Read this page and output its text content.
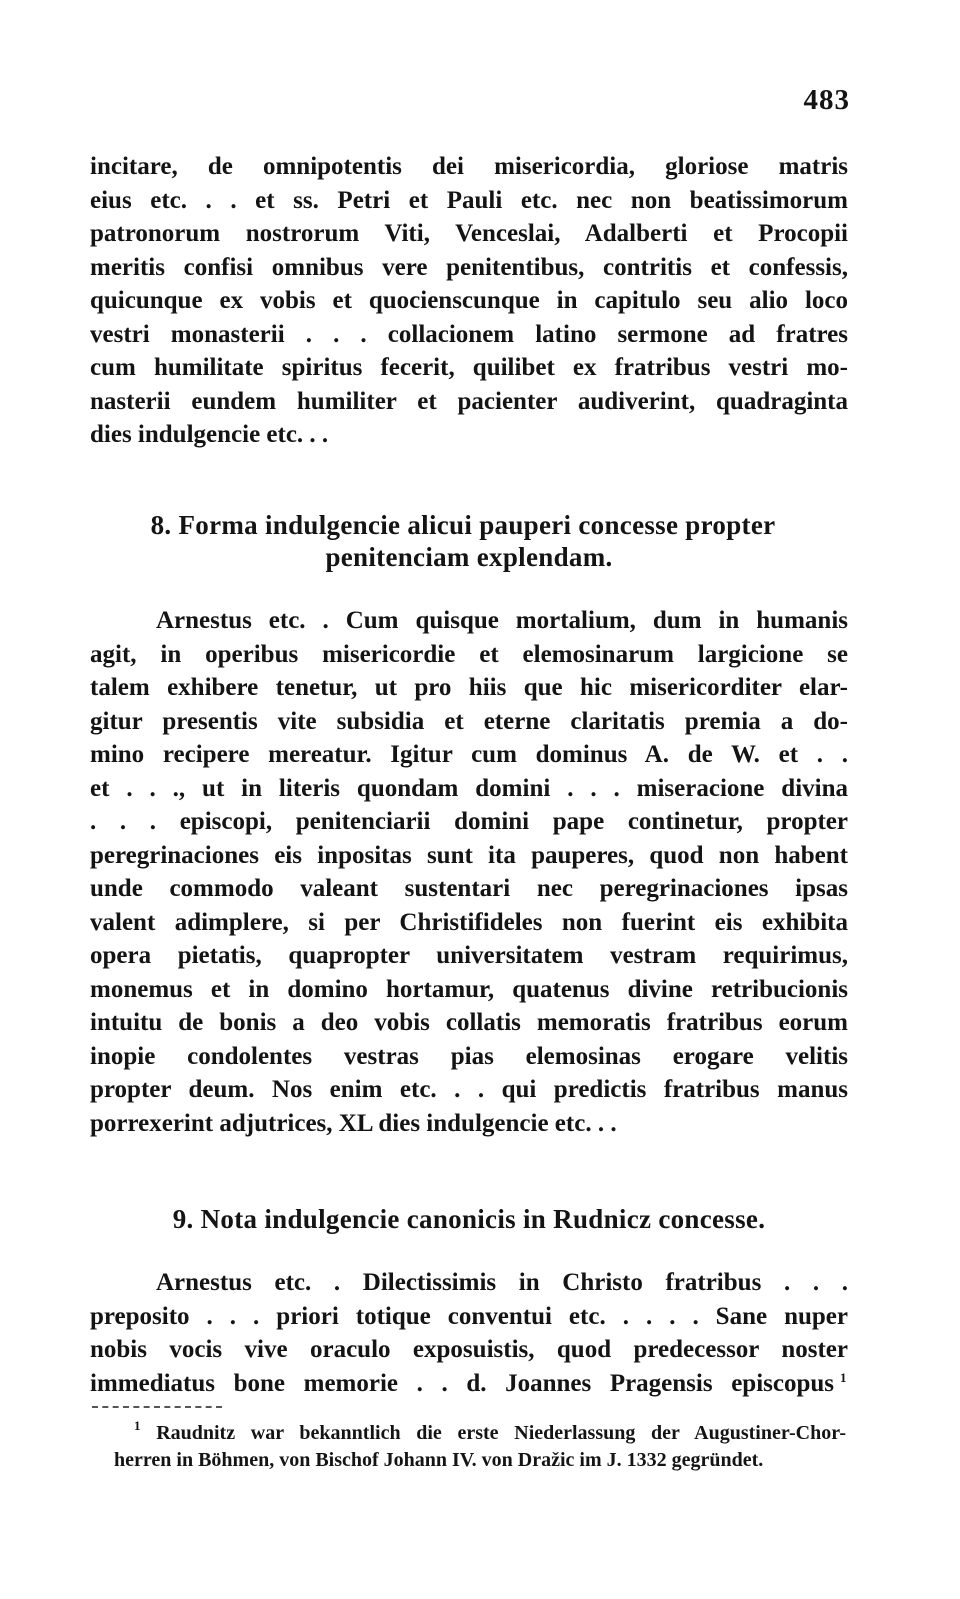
483
incitare, de omnipotentis dei misericordia, gloriose matris
eius etc. . . et ss. Petri et Pauli etc. nec non beatissimorum
patronorum nostrorum Viti, Venceslai, Adalberti et Procopii
meritis confisi omnibus vere penitentibus, contritis et confessis,
quicunque ex vobis et quocienscunque in capitulo seu alio loco
vestri monasterii . . . collacionem latino sermone ad fratres
cum humilitate spiritus fecerit, quilibet ex fratribus vestri mo-
nasterii eundem humiliter et pacienter audiverint, quadraginta
dies indulgencie etc. . .
8. Forma indulgencie alicui pauperi concesse propter
penitenciam explendam.
Arnestus etc. . Cum quisque mortalium, dum in humanis
agit, in operibus misericordie et elemosinarum largicione se
talem exhibere tenetur, ut pro hiis que hic misericorditer elar-
gitur presentis vite subsidia et eterne claritatis premia a do-
mino recipere mereatur. Igitur cum dominus A. de W. et . .
et . . ., ut in literis quondam domini . . . miseracione divina
. . . episcopi, penitenciarii domini pape continetur, propter
peregrinaciones eis inpositas sunt ita pauperes, quod non habent
unde commodo valeant sustentari nec peregrinaciones ipsas
valent adimplere, si per Christifideles non fuerint eis exhibita
opera pietatis, quapropter universitatem vestram requirimus,
monemus et in domino hortamur, quatenus divine retribucionis
intuitu de bonis a deo vobis collatis memoratis fratribus eorum
inopie condolentes vestras pias elemosinas erogare velitis
propter deum. Nos enim etc. . . qui predictis fratribus manus
porrexerint adjutrices, XL dies indulgencie etc. . .
9. Nota indulgencie canonicis in Rudnicz concesse.
Arnestus etc. . Dilectissimis in Christo fratribus . . .
preposito . . . priori totique conventui etc. . . . . Sane nuper
nobis vocis vive oraculo exposuistis, quod predecessor noster
immediatus bone memorie . . d. Joannes Pragensis episcopus 1
$^1$ Raudnitz war bekanntlich die erste Niederlassung der Augustiner-Chor-
herren in Böhmen, von Bischof Johann IV. von Dražic im J. 1332 gegründet.
